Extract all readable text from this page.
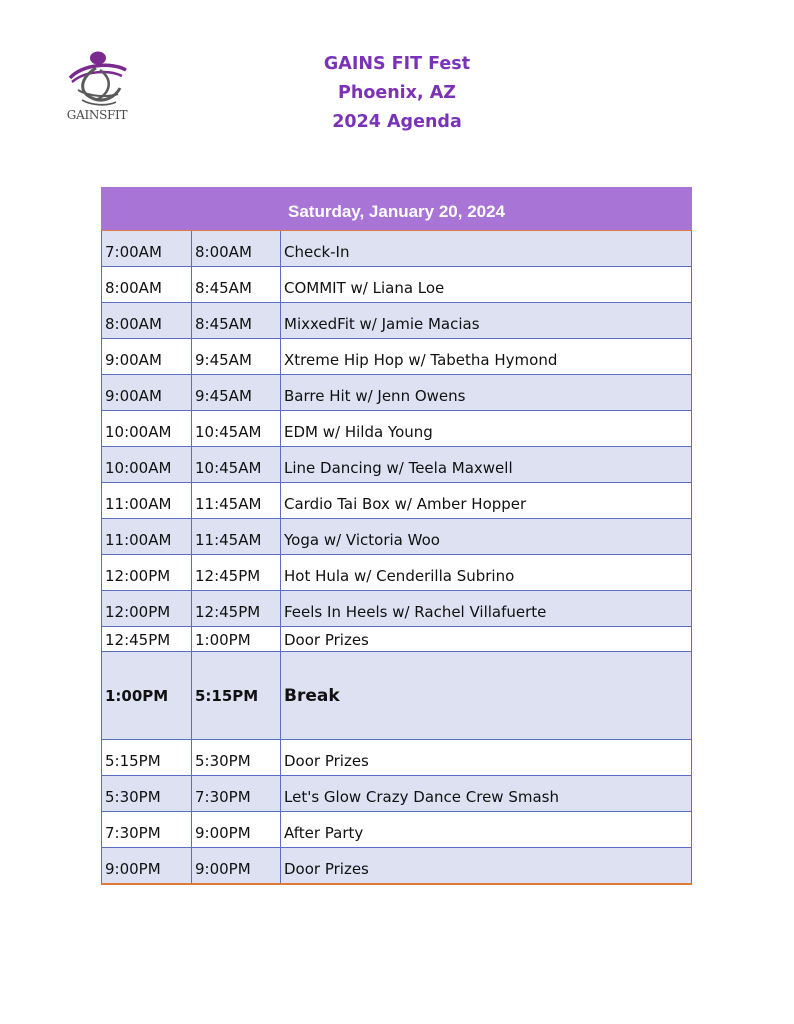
GAINSFIT
GAINS FIT Fest
Phoenix, AZ
2024 Agenda
Saturday, January 20, 2024		
7:00AM	8:00AM	Check-In
8:00AM	8:45AM	COMMIT w/ Liana Loe
8:00AM	8:45AM	MixxedFit w/ Jamie Macias
9:00AM	9:45AM	Xtreme Hip Hop w/ Tabetha Hymond
9:00AM	9:45AM	Barre Hit w/ Jenn Owens
10:00AM	10:45AM	EDM w/ Hilda Young
10:00AM	10:45AM	Line Dancing w/ Teela Maxwell
11:00AM	11:45AM	Cardio Tai Box w/ Amber Hopper
11:00AM	11:45AM	Yoga w/ Victoria Woo
12:00PM	12:45PM	Hot Hula w/ Cenderilla Subrino
12:00PM	12:45PM	Feels In Heels w/ Rachel Villafuerte
12:45PM	1:00PM	Door Prizes
1:00PM	5:15PM	Break
5:15PM	5:30PM	Door Prizes
5:30PM	7:30PM	Let's Glow Crazy Dance Crew Smash
7:30PM	9:00PM	After Party
9:00PM	9:00PM	Door Prizes
